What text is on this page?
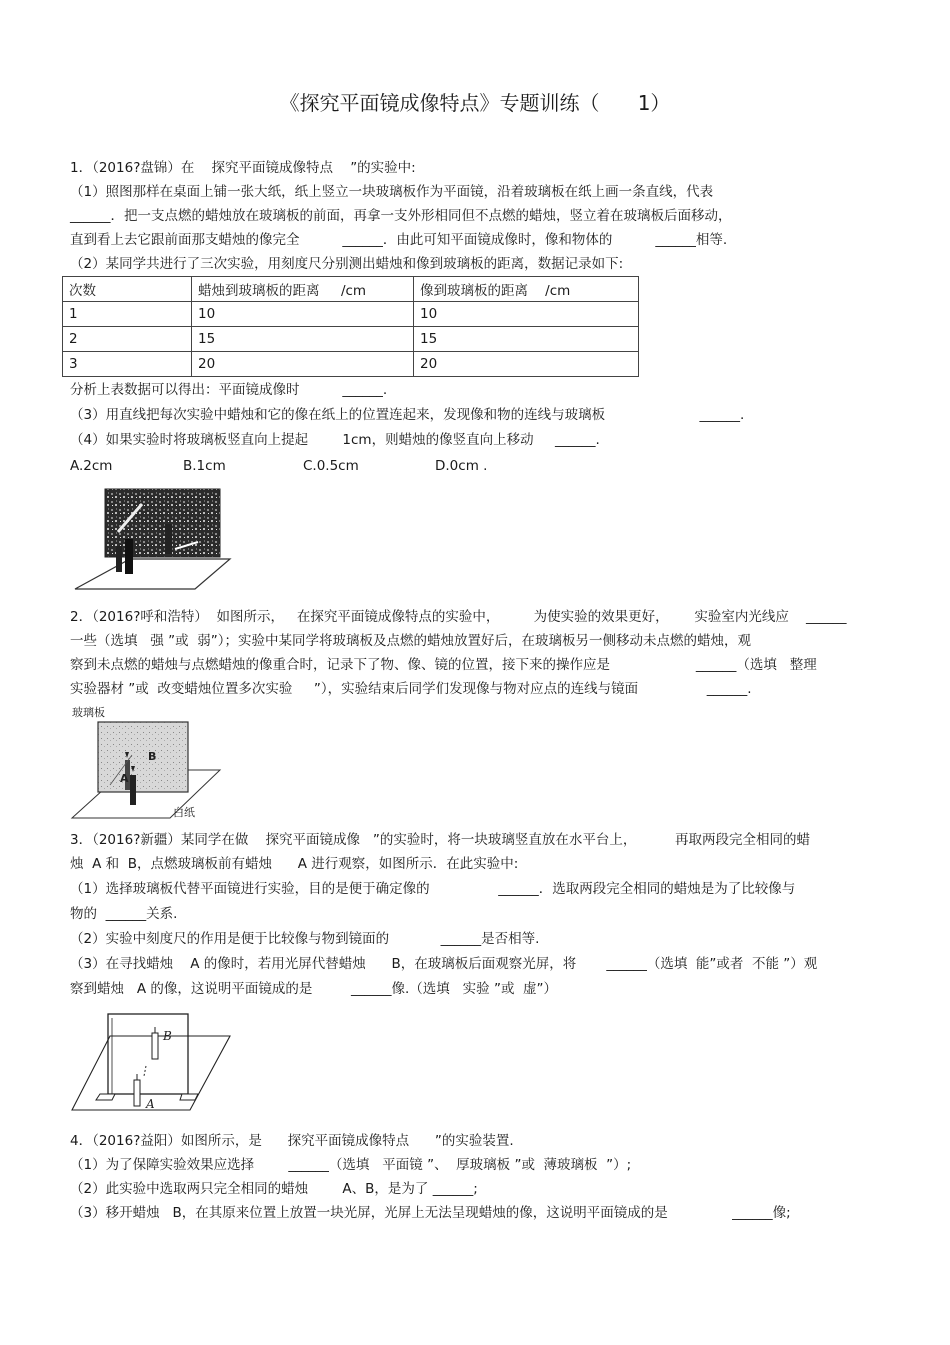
《探究平面镜成像特点》专题训练（      1）
1．（2016?盘锦）在    探究平面镜成像特点    ”的实验中:
（1）照图那样在桌面上铺一张大纸，纸上竖立一块玻璃板作为平面镜，沿着玻璃板在纸上画一条直线，代表
______．把一支点燃的蜡烛放在玻璃板的前面，再拿一支外形相同但不点燃的蜡烛，竖立着在玻璃板后面移动，
直到看上去它跟前面那支蜡烛的像完全          ______．由此可知平面镜成像时，像和物体的          ______相等.
（2）某同学共进行了三次实验，用刻度尺分别测出蜡烛和像到玻璃板的距离，数据记录如下:
次数	蜡烛到玻璃板的距离     /cm	像到玻璃板的距离    /cm
1	10	10
2	15	15
3	20	20
分析上表数据可以得出：平面镜成像时          ______.
（3）用直线把每次实验中蜡烛和它的像在纸上的位置连起来，发现像和物的连线与玻璃板                      ______.
（4）如果实验时将玻璃板竖直向上提起        1cm，则蜡烛的像竖直向上移动     ______.
A.2cm	B.1cm	C.0.5cm	D.0cm .
2．（2016?呼和浩特）  如图所示，   在探究平面镜成像特点的实验中，        为使实验的效果更好，      实验室内光线应    ______
一些（选填   强 ”或  弱”）；实验中某同学将玻璃板及点燃的蜡烛放置好后，在玻璃板另一侧移动未点燃的蜡烛，观
察到未点燃的蜡烛与点燃蜡烛的像重合时，记录下了物、像、镜的位置，接下来的操作应是                    ______（选填   整理
实验器材 ”或  改变蜡烛位置多次实验     ”），实验结束后同学们发现像与物对应点的连线与镜面                ______.
玻璃板
白纸
B
A
3．（2016?新疆）某同学在做    探究平面镜成像   ”的实验时，将一块玻璃竖直放在水平台上，         再取两段完全相同的蜡
烛  A 和  B，点燃玻璃板前有蜡烛      A 进行观察，如图所示．在此实验中:
（1）选择玻璃板代替平面镜进行实验，目的是便于确定像的                ______．选取两段完全相同的蜡烛是为了比较像与
物的  ______关系.
（2）实验中刻度尺的作用是便于比较像与物到镜面的            ______是否相等.
（3）在寻找蜡烛    A 的像时，若用光屏代替蜡烛      B，在玻璃板后面观察光屏，将       ______（选填  能”或者  不能 ”）观
察到蜡烛   A 的像，这说明平面镜成的是         ______像.（选填   实验 ”或  虚”）
B
A
4．（2016?益阳）如图所示，是      探究平面镜成像特点      ”的实验装置.
（1）为了保障实验效果应选择        ______（选填   平面镜 ”、  厚玻璃板 ”或  薄玻璃板  ”）;
（2）此实验中选取两只完全相同的蜡烛        A、B，是为了 ______;
（3）移开蜡烛   B，在其原来位置上放置一块光屏，光屏上无法呈现蜡烛的像，这说明平面镜成的是               ______像;
